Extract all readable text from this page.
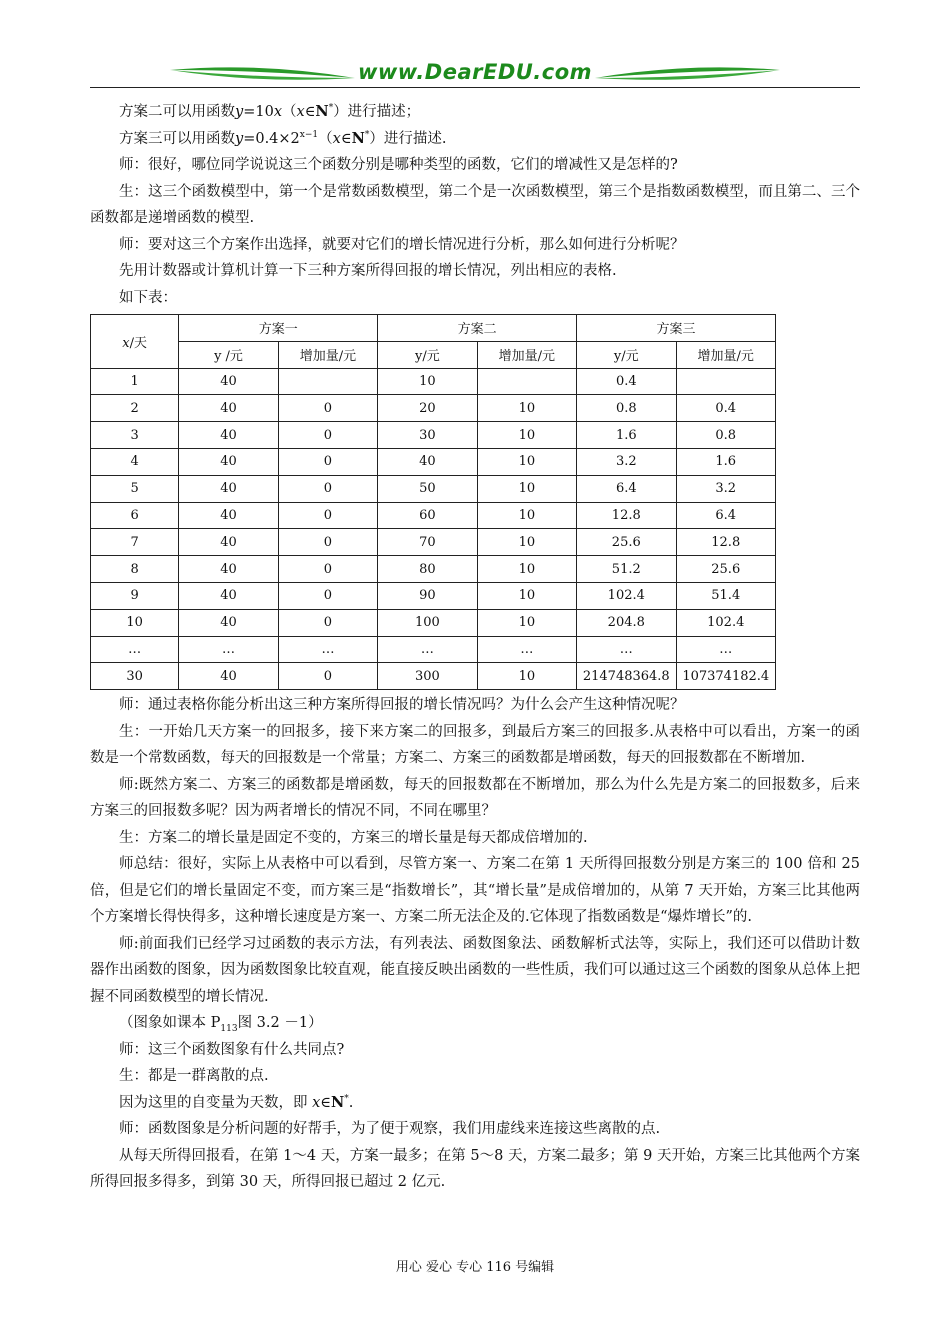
www.DearEDU.com

方案二可以用函数y=10x（x∈N*）进行描述；

方案三可以用函数$y=0.4\times 2^{x-1}(x\in N^*)$进行描述.

师：很好，哪位同学说说这三个函数分别是哪种类型的函数，它们的增减性又是怎样的?

生：这三个函数模型中，第一个是常数函数模型，第二个是一次函数模型，第三个是指数函数模型，而且第二、三个函数都是递增函数的模型.

师：要对这三个方案作出选择，就要对它们的增长情况进行分析，那么如何进行分析呢？

先用计数器或计算机计算一下三种方案所得回报的增长情况，列出相应的表格.

如下表：

x/天	方案一		方案二		方案三	
	y /元	增加量/元	y/元	增加量/元	y/元	增加量/元
1	40		10		0.4	
2	40	0	20	10	0.8	0.4
3	40	0	30	10	1.6	0.8
4	40	0	40	10	3.2	1.6
5	40	0	50	10	6.4	3.2
6	40	0	60	10	12.8	6.4
7	40	0	70	10	25.6	12.8
8	40	0	80	10	51.2	25.6
9	40	0	90	10	102.4	51.4
10	40	0	100	10	204.8	102.4
…	…	…	…	…	…	…
30	40	0	300	10	214748364.8	107374182.4

师：通过表格你能分析出这三种方案所得回报的增长情况吗？为什么会产生这种情况呢？

生：一开始几天方案一的回报多，接下来方案二的回报多，到最后方案三的回报多.从表格中可以看出，方案一的函数是一个常数函数，每天的回报数是一个常量；方案二、方案三的函数都是增函数，每天的回报数都在不断增加.

师:既然方案二、方案三的函数都是增函数，每天的回报数都在不断增加，那么为什么先是方案二的回报数多，后来方案三的回报数多呢？因为两者增长的情况不同，不同在哪里？

生：方案二的增长量是固定不变的，方案三的增长量是每天都成倍增加的.

师总结：很好，实际上从表格中可以看到，尽管方案一、方案二在第 1 天所得回报数分别是方案三的 100 倍和 25 倍，但是它们的增长量固定不变，而方案三是“指数增长”，其“增长量”是成倍增加的，从第 7 天开始，方案三比其他两个方案增长得快得多，这种增长速度是方案一、方案二所无法企及的.它体现了指数函数是“爆炸增长”的.

师:前面我们已经学习过函数的表示方法，有列表法、函数图象法、函数解析式法等，实际上，我们还可以借助计数器作出函数的图象，因为函数图象比较直观，能直接反映出函数的一些性质，我们可以通过这三个函数的图象从总体上把握不同函数模型的增长情况.

（图象如课本 $P_{113}$图 3.2 －1）

师：这三个函数图象有什么共同点?

生：都是一群离散的点.

因为这里的自变量为天数，即 x∈N*.

师：函数图象是分析问题的好帮手，为了便于观察，我们用虚线来连接这些离散的点.

从每天所得回报看，在第 1～4 天，方案一最多；在第 5～8 天，方案二最多；第 9 天开始，方案三比其他两个方案所得回报多得多，到第 30 天，所得回报已超过 2 亿元.

用心 爱心 专心 116 号编辑
